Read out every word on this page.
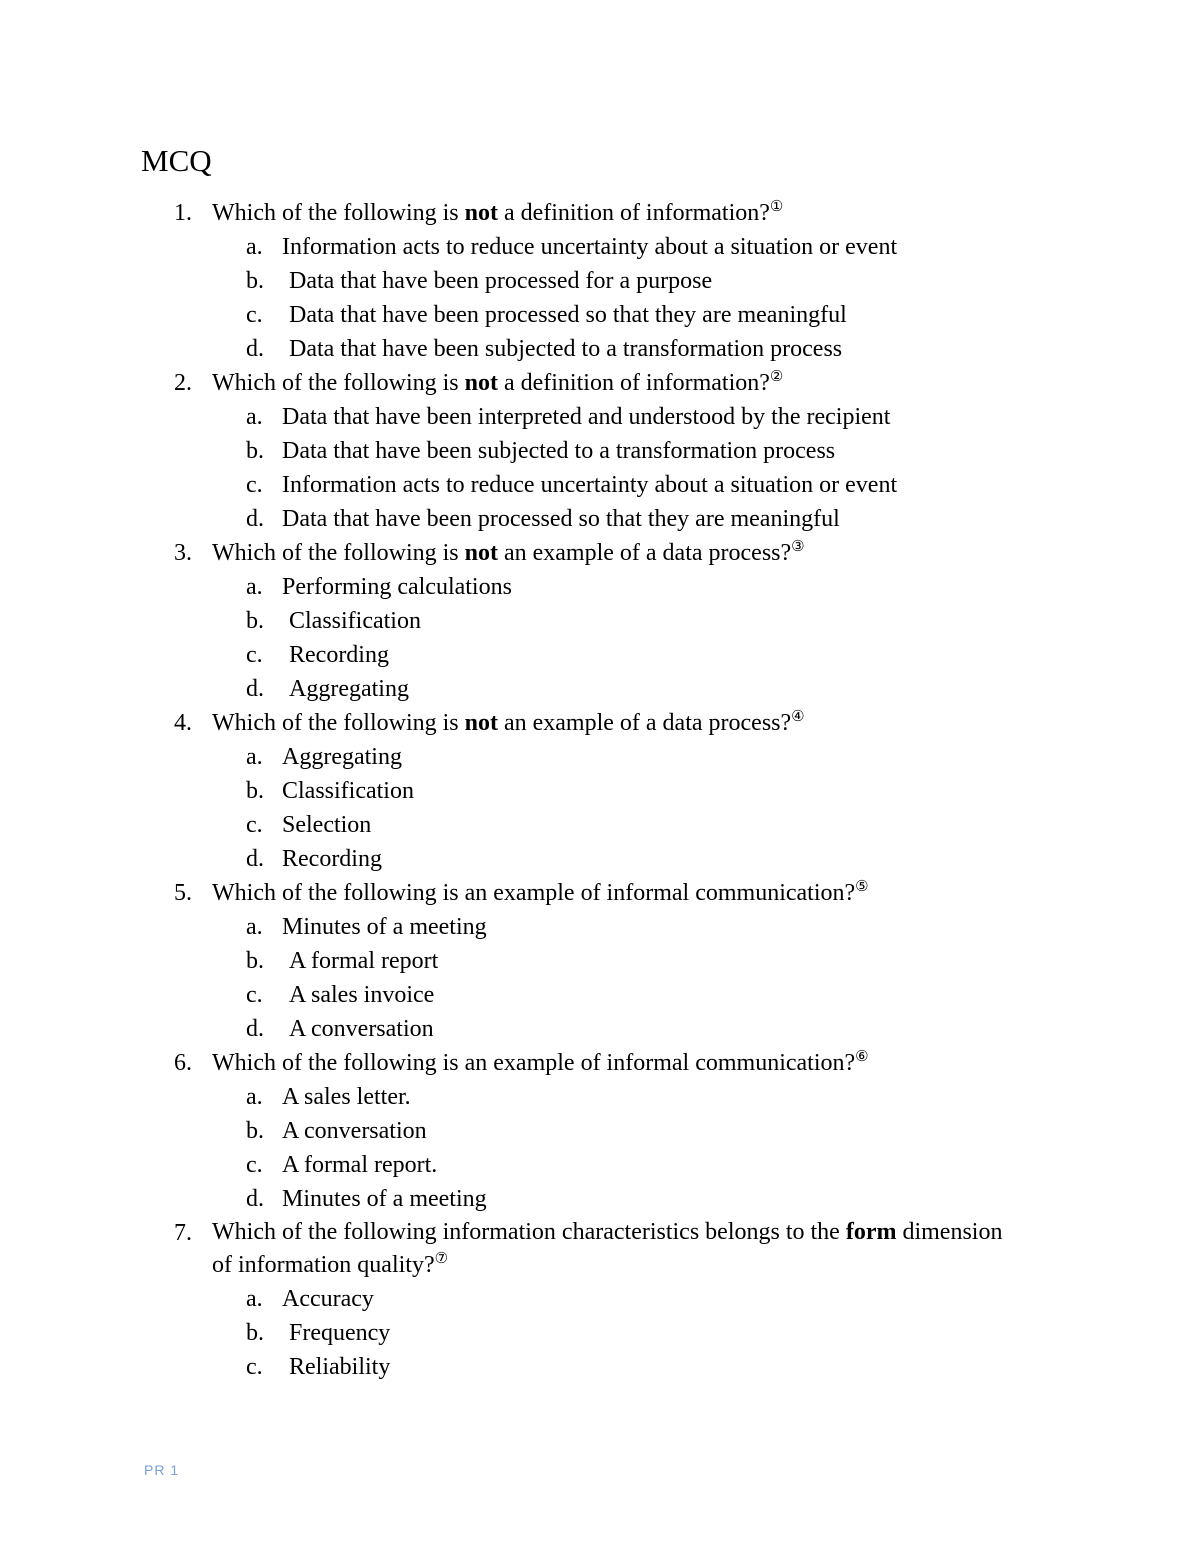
MCQ
1. Which of the following is not a definition of information?①
a. Information acts to reduce uncertainty about a situation or event
b. Data that have been processed for a purpose
c. Data that have been processed so that they are meaningful
d. Data that have been subjected to a transformation process
2. Which of the following is not a definition of information?②
a. Data that have been interpreted and understood by the recipient
b. Data that have been subjected to a transformation process
c. Information acts to reduce uncertainty about a situation or event
d. Data that have been processed so that they are meaningful
3. Which of the following is not an example of a data process?③
a. Performing calculations
b. Classification
c. Recording
d. Aggregating
4. Which of the following is not an example of a data process?④
a. Aggregating
b. Classification
c. Selection
d. Recording
5. Which of the following is an example of informal communication?⑤
a. Minutes of a meeting
b. A formal report
c. A sales invoice
d. A conversation
6. Which of the following is an example of informal communication?⑥
a. A sales letter.
b. A conversation
c. A formal report.
d. Minutes of a meeting
7. Which of the following information characteristics belongs to the form dimension of information quality?⑦
a. Accuracy
b. Frequency
c. Reliability
PR 1
